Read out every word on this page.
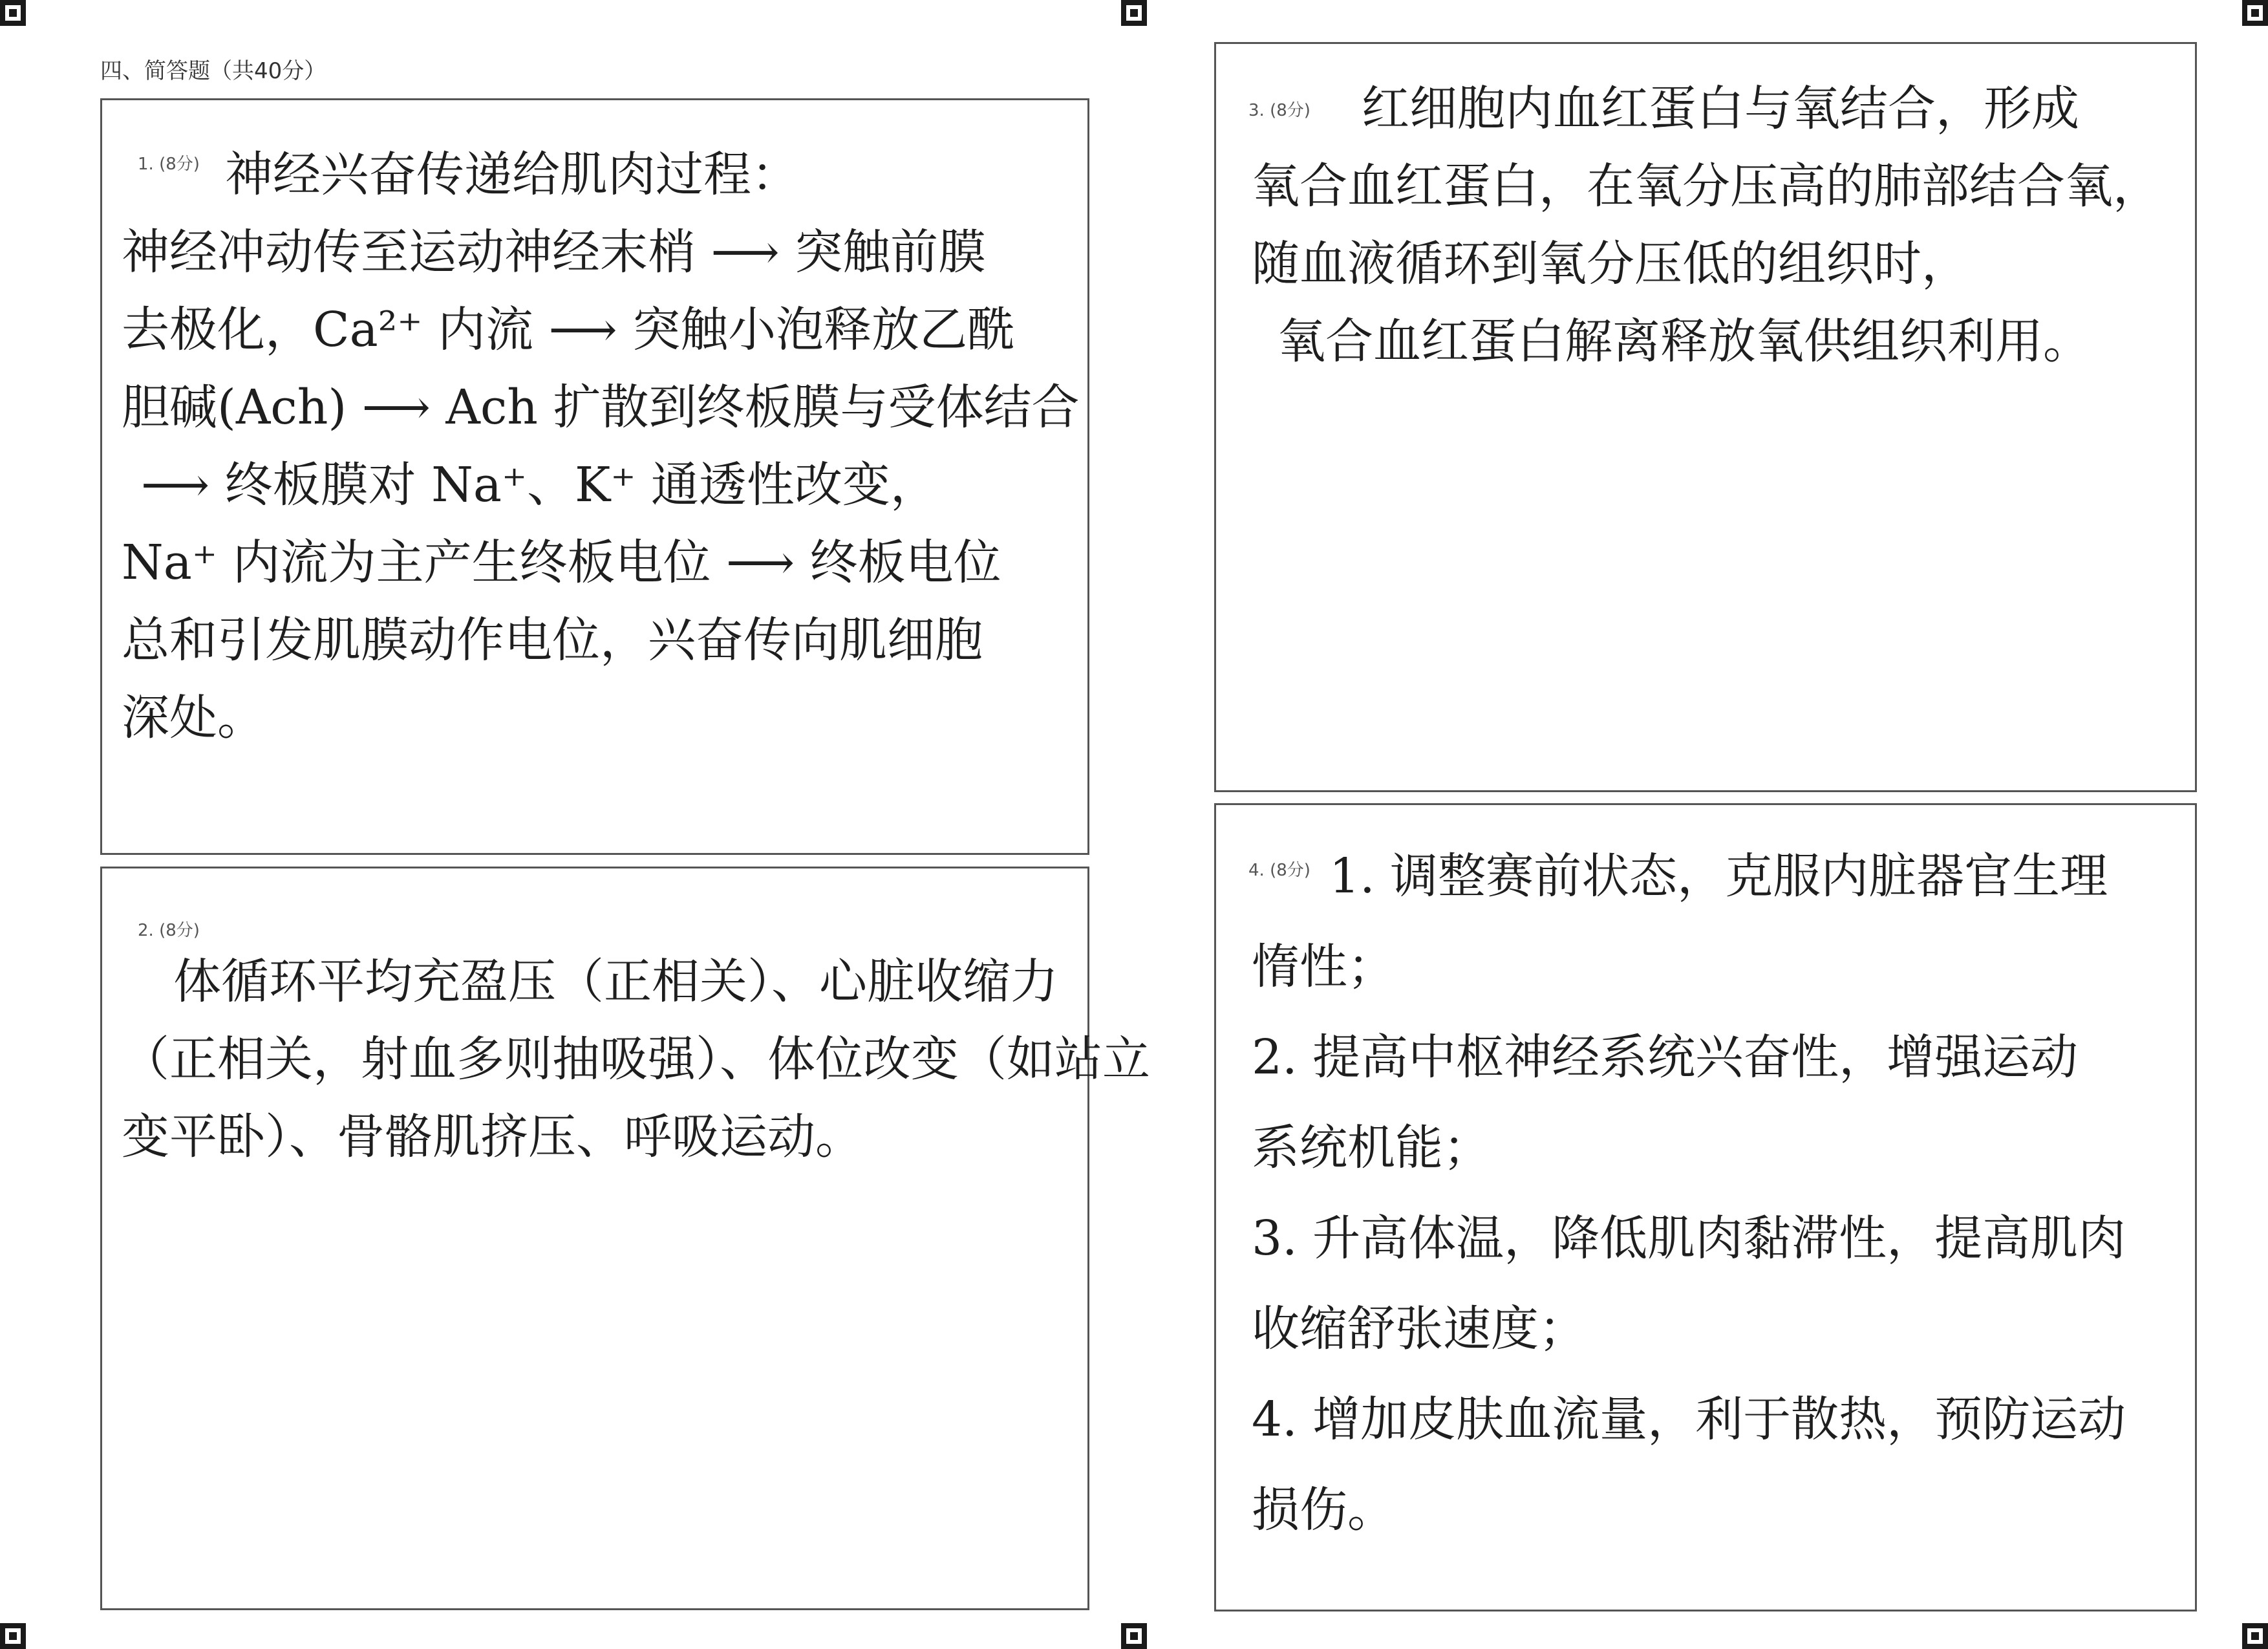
四、简答题（共40分）
1. (8分) 神经兴奋传递给肌肉过程：
神经冲动传至运动神经末梢 ⟶ 突触前膜
去极化，Ca²⁺ 内流 ⟶ 突触小泡释放乙酰
胆碱(Ach) ⟶ Ach 扩散到终板膜与受体结合
⟶ 终板膜对 Na⁺、K⁺ 通透性改变，
Na⁺ 内流为主产生终板电位 ⟶ 终板电位
总和引发肌膜动作电位，兴奋传向肌细胞
深处。
2. (8分)
体循环平均充盈压（正相关）、心脏收缩力
（正相关，射血多则抽吸强）、体位改变（如站立
变平卧）、骨骼肌挤压、呼吸运动。
3. (8分)	红细胞内血红蛋白与氧结合，形成
氧合血红蛋白，在氧分压高的肺部结合氧，
随血液循环到氧分压低的组织时，
氧合血红蛋白解离释放氧供组织利用。
4. (8分) 1. 调整赛前状态，克服内脏器官生理
惰性；
2. 提高中枢神经系统兴奋性，增强运动
系统机能；
3. 升高体温，降低肌肉黏滞性，提高肌肉
收缩舒张速度；
4. 增加皮肤血流量，利于散热，预防运动
损伤。
